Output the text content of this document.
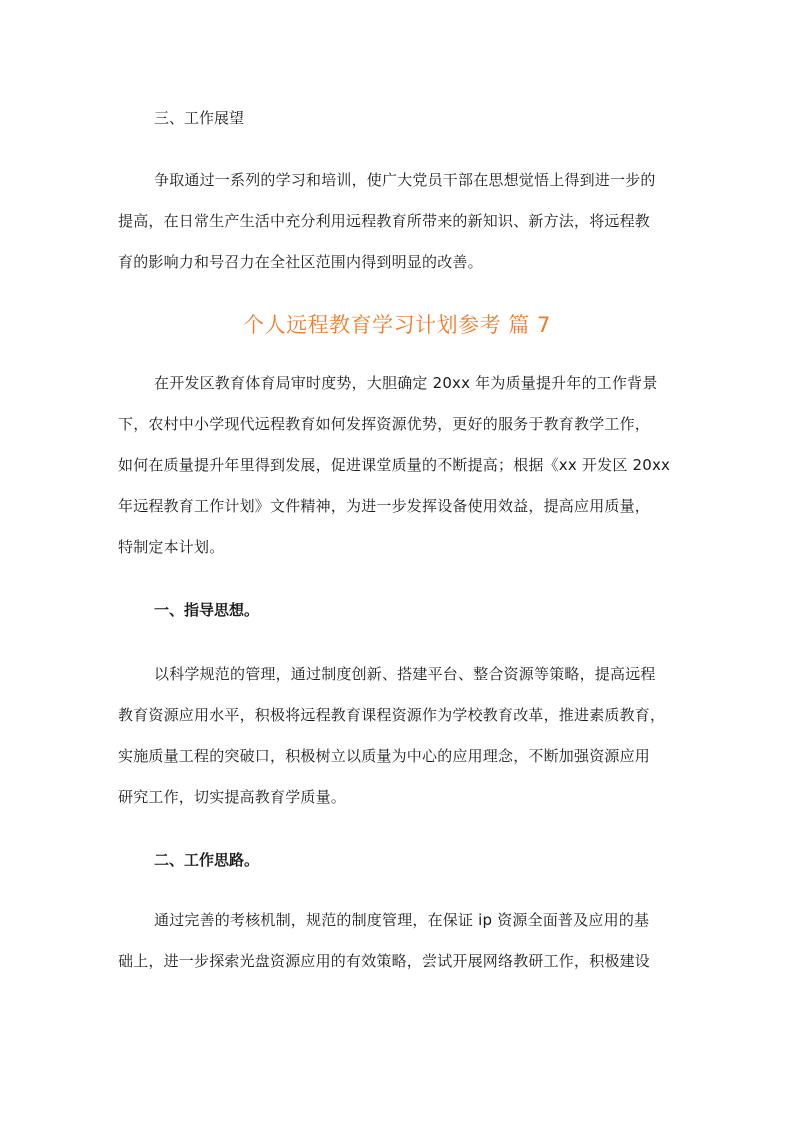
三、工作展望
争取通过一系列的学习和培训，使广大党员干部在思想觉悟上得到进一步的
提高，在日常生产生活中充分利用远程教育所带来的新知识、新方法，将远程教
育的影响力和号召力在全社区范围内得到明显的改善。
个人远程教育学习计划参考 篇 7
在开发区教育体育局审时度势，大胆确定 20xx 年为质量提升年的工作背景
下，农村中小学现代远程教育如何发挥资源优势，更好的服务于教育教学工作，
如何在质量提升年里得到发展，促进课堂质量的不断提高；根据《xx 开发区 20xx
年远程教育工作计划》文件精神，为进一步发挥设备使用效益，提高应用质量，
特制定本计划。
一、指导思想。
以科学规范的管理，通过制度创新、搭建平台、整合资源等策略，提高远程
教育资源应用水平，积极将远程教育课程资源作为学校教育改革，推进素质教育，
实施质量工程的突破口，积极树立以质量为中心的应用理念，不断加强资源应用
研究工作，切实提高教育学质量。
二、工作思路。
通过完善的考核机制，规范的制度管理，在保证 ip 资源全面普及应用的基
础上，进一步探索光盘资源应用的有效策略，尝试开展网络教研工作，积极建设
